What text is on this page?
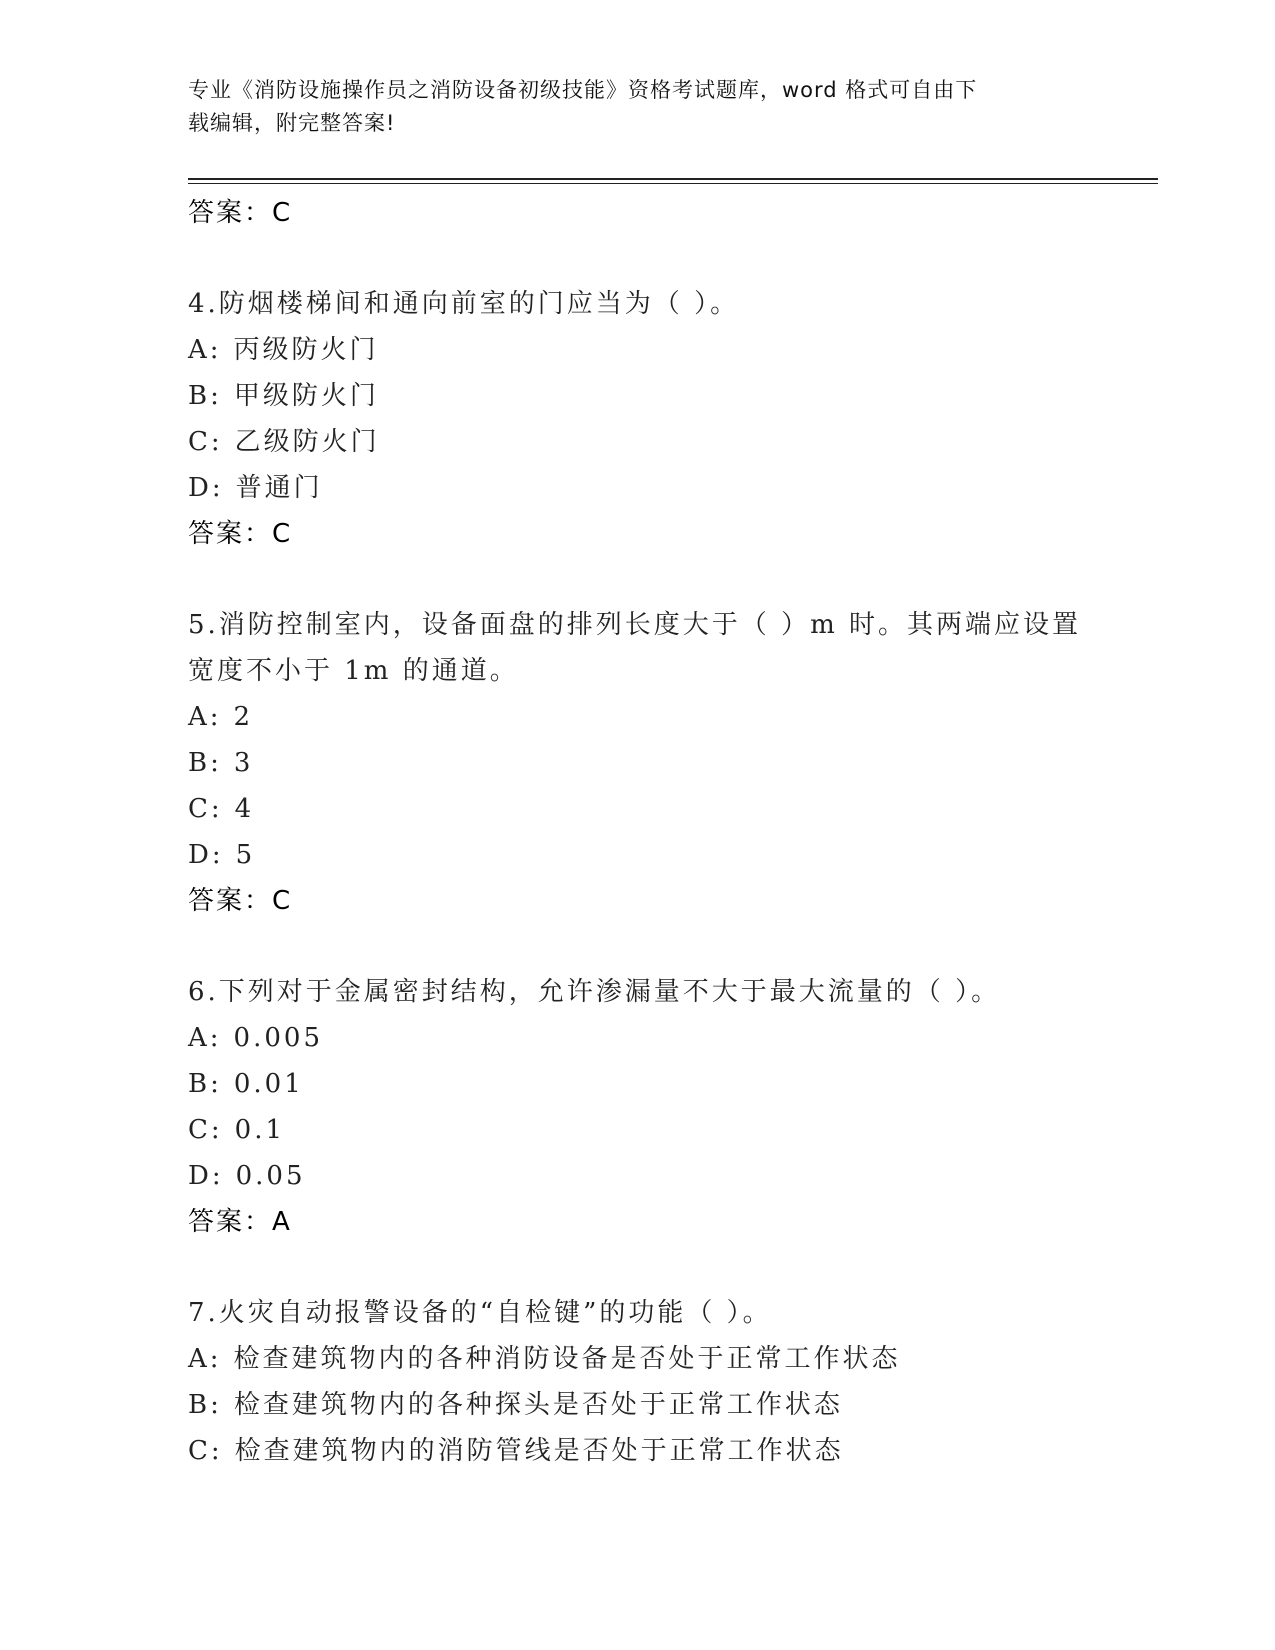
专业《消防设施操作员之消防设备初级技能》资格考试题库，word 格式可自由下
载编辑，附完整答案!
答案：C
4.防烟楼梯间和通向前室的门应当为（ ）。
A: 丙级防火门
B: 甲级防火门
C: 乙级防火门
D: 普通门
答案：C
5.消防控制室内，设备面盘的排列长度大于（ ）m 时。其两端应设置
宽度不小于 1m 的通道。
A: 2
B: 3
C: 4
D: 5
答案：C
6.下列对于金属密封结构，允许渗漏量不大于最大流量的（ ）。
A: 0.005
B: 0.01
C: 0.1
D: 0.05
答案：A
7.火灾自动报警设备的“自检键”的功能（ ）。
A: 检查建筑物内的各种消防设备是否处于正常工作状态
B: 检查建筑物内的各种探头是否处于正常工作状态
C: 检查建筑物内的消防管线是否处于正常工作状态
